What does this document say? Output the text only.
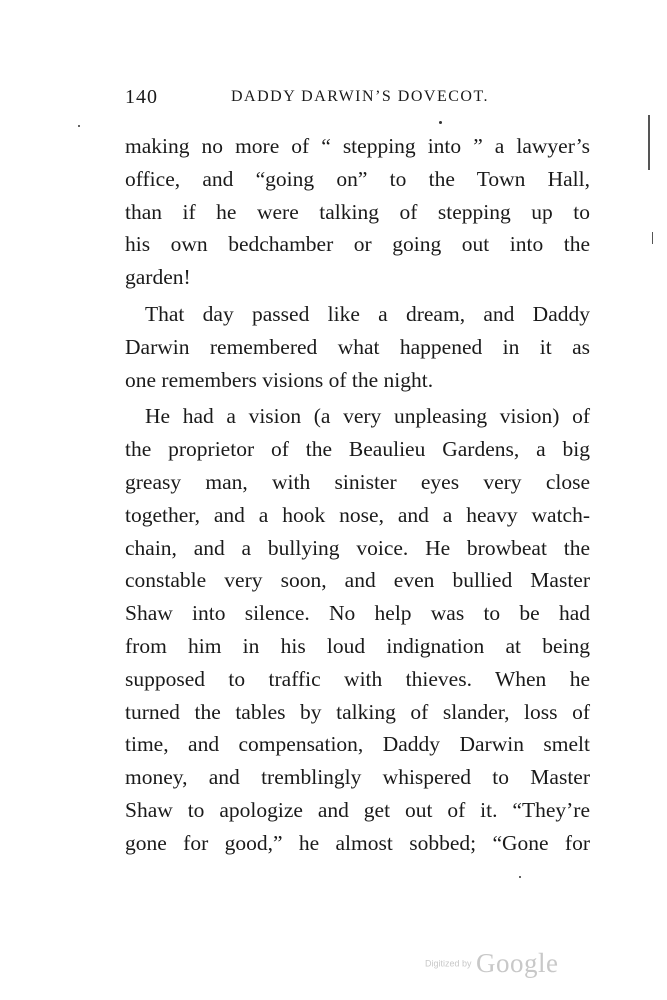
140	DADDY DARWIN’S DOVECOT.
making no more of “ stepping into ” a lawyer’s
office, and “going on” to the Town Hall,
than if he were talking of stepping up to
his own bedchamber or going out into the
garden!
That day passed like a dream, and Daddy
Darwin remembered what happened in it as
one remembers visions of the night.
He had a vision (a very unpleasing vision) of
the proprietor of the Beaulieu Gardens, a big
greasy man, with sinister eyes very close
together, and a hook nose, and a heavy watch-
chain, and a bullying voice. He browbeat the
constable very soon, and even bullied Master
Shaw into silence. No help was to be had
from him in his loud indignation at being
supposed to traffic with thieves. When he
turned the tables by talking of slander, loss of
time, and compensation, Daddy Darwin smelt
money, and tremblingly whispered to Master
Shaw to apologize and get out of it. “They’re
gone for good,” he almost sobbed; “Gone for
Digitized by Google
